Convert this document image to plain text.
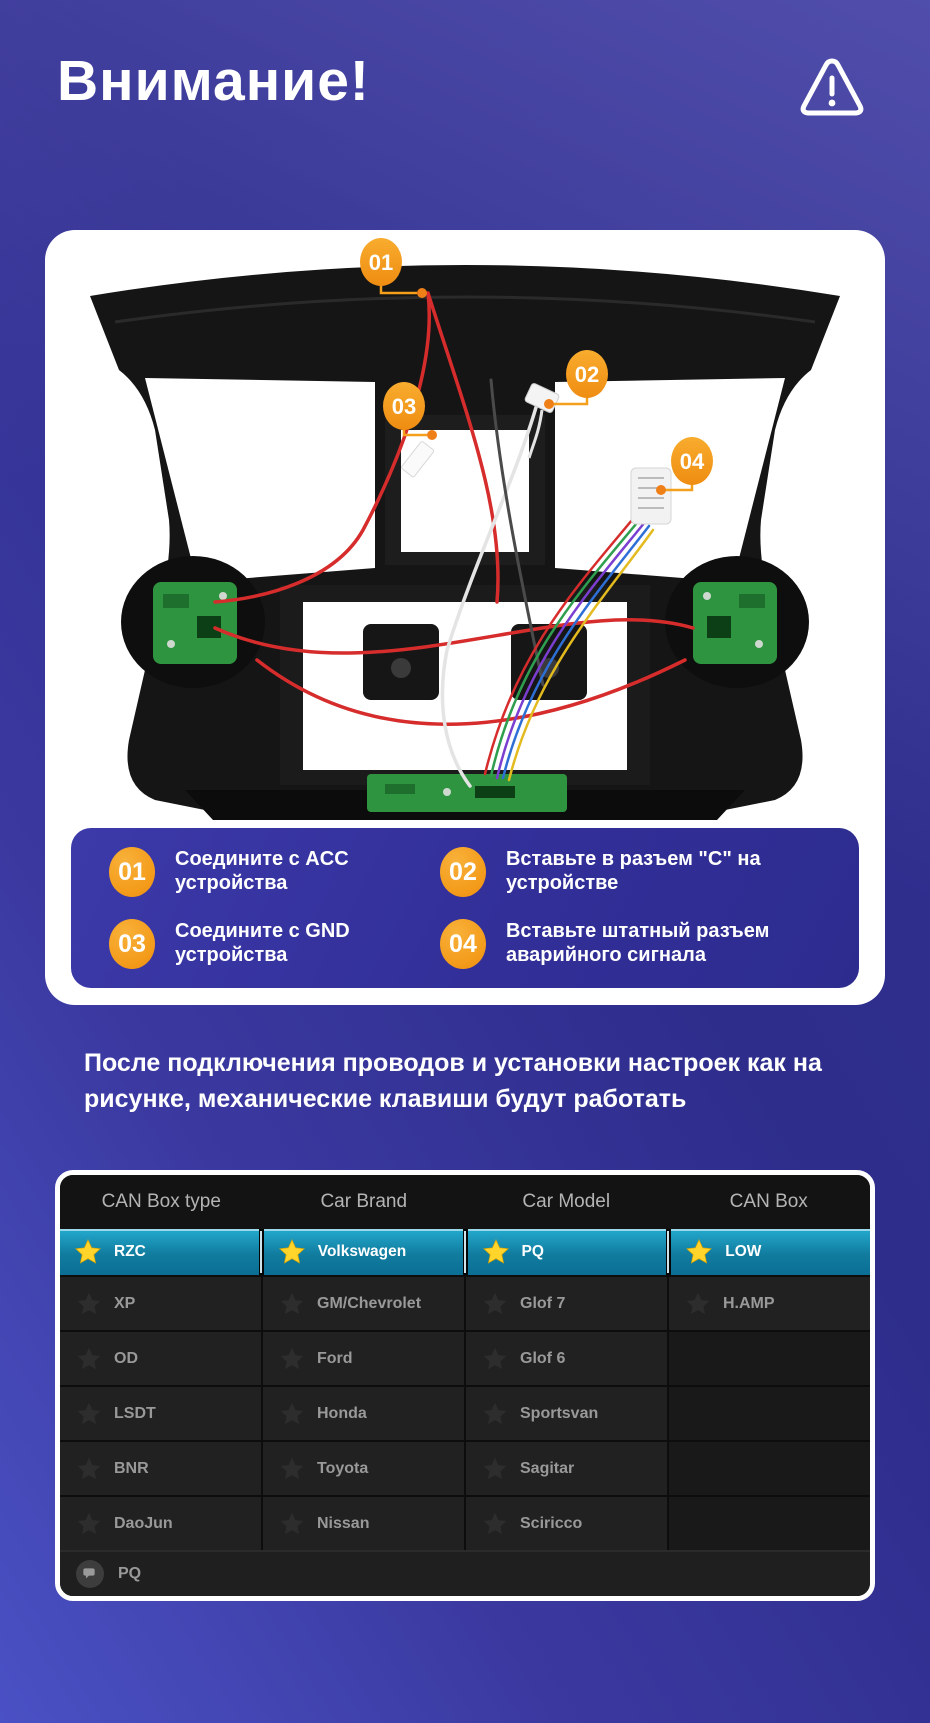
Внимание!
01
02
03
04
01	Соедините с ACC устройства	02	Вставьте в разъем "C" на устройстве

03	Соедините с GND устройства	04	Вставьте штатный разъем аварийного сигнала

После подключения проводов и установки настроек как на рисунке, механические клавиши будут работать

CAN Box type	Car Brand	Car Model	CAN Box
RZC	Volkswagen	PQ	LOW
XP	GM/Chevrolet	Glof 7	H.AMP
OD	Ford	Glof 6
LSDT	Honda	Sportsvan
BNR	Toyota	Sagitar
DaoJun	Nissan	Sciricco
PQ
